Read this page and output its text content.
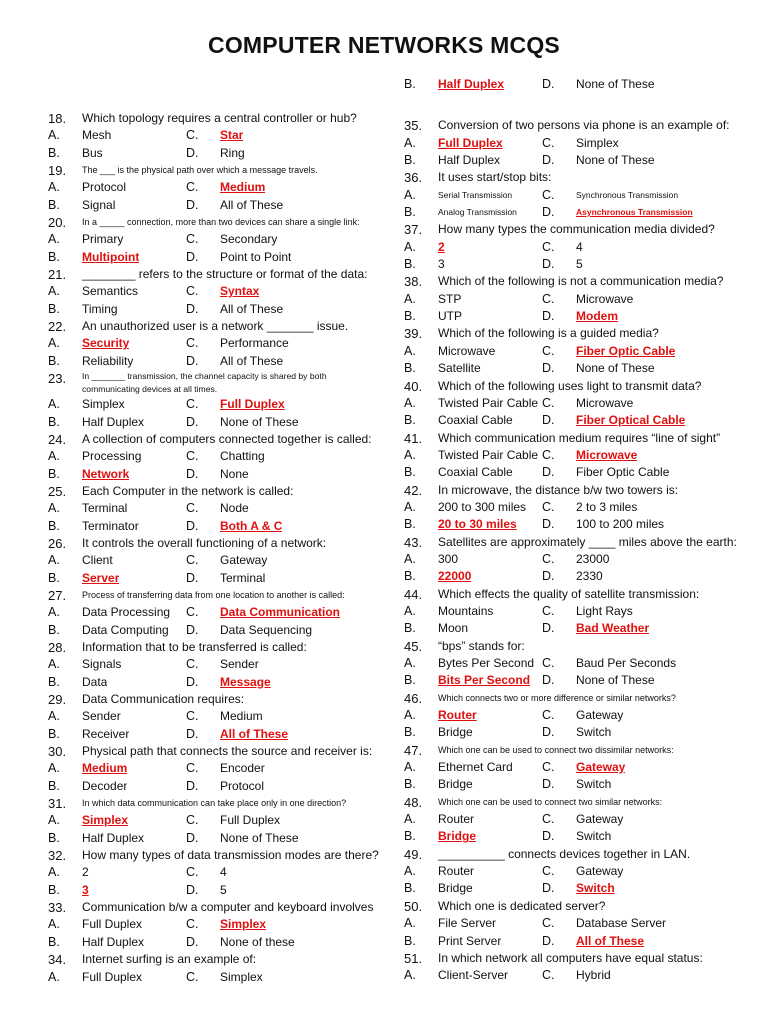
COMPUTER NETWORKS MCQS
18.	Which topology requires a central controller or hub?
A.	Mesh	C.	Star
B.	Bus	D.	Ring
19.	The ___ is the physical path over which a message travels.
A.	Protocol	C.	Medium
B.	Signal	D.	All of These
20.	In a _____ connection, more than two devices can share a single link:
A.	Primary	C.	Secondary
B.	Multipoint	D.	Point to Point
21.	________ refers to the structure or format of the data:
A.	Semantics	C.	Syntax
B.	Timing	D.	All of These
22.	An unauthorized user is a network _______ issue.
A.	Security	C.	Performance
B.	Reliability	D.	All of These
23.	In _______ transmission, the channel capacity is shared by both communicating devices at all times.
A.	Simplex	C.	Full Duplex
B.	Half Duplex	D.	None of These
24.	A collection of computers connected together is called:
A.	Processing	C.	Chatting
B.	Network	D.	None
25.	Each Computer in the network is called:
A.	Terminal	C.	Node
B.	Terminator	D.	Both A & C
26.	It controls the overall functioning of a network:
A.	Client	C.	Gateway
B.	Server	D.	Terminal
27.	Process of transferring data from one location to another is called:
A.	Data Processing C.	Data Communication
B.	Data Computing D.	Data Sequencing
28.	Information that to be transferred is called:
A.	Signals	C.	Sender
B.	Data	D.	Message
29.	Data Communication requires:
A.	Sender	C.	Medium
B.	Receiver	D.	All of These
30.	Physical path that connects the source and receiver is:
A.	Medium	C.	Encoder
B.	Decoder	D.	Protocol
31.	In which data communication can take place only in one direction?
A.	Simplex	C.	Full Duplex
B.	Half Duplex	D.	None of These
32.	How many types of data transmission modes are there?
A.	2	C.	4
B.	3	D.	5
33.	Communication b/w a computer and keyboard involves
A.	Full Duplex	C.	Simplex
B.	Half Duplex	D.	None of these
34.	Internet surfing is an example of:
A.	Full Duplex	C.	Simplex
B.	Half Duplex	D.	None of These
35.	Conversion of two persons via phone is an example of:
A.	Full Duplex	C.	Simplex
B.	Half Duplex	D.	None of These
36.	It uses start/stop bits:
A.	Serial Transmission C.	Synchronous Transmission
B.	Analog Transmission D.	Asynchronous Transmission
37.	How many types the communication media divided?
A.	2	C.	4
B.	3	D.	5
38.	Which of the following is not a communication media?
A.	STP	C.	Microwave
B.	UTP	D.	Modem
39.	Which of the following is a guided media?
A.	Microwave	C.	Fiber Optic Cable
B.	Satellite	D.	None of These
40.	Which of the following uses light to transmit data?
A.	Twisted Pair Cable C.	Microwave
B.	Coaxial Cable D.	Fiber Optical Cable
41.	Which communication medium requires “line of sight”
A.	Twisted Pair Cable C.	Microwave
B.	Coaxial Cable D.	Fiber Optic Cable
42.	In microwave, the distance b/w two towers is:
A.	200 to 300 miles C.	2 to 3 miles
B.	20 to 30 miles D.	100 to 200 miles
43.	Satellites are approximately ____ miles above the earth:
A.	300	C.	23000
B.	22000	D.	2330
44.	Which effects the quality of satellite transmission:
A.	Mountains	C.	Light Rays
B.	Moon	D.	Bad Weather
45.	“bps” stands for:
A.	Bytes Per Second C.	Baud Per Seconds
B.	Bits Per Second D.	None of These
46.	Which connects two or more difference or similar networks?
A.	Router	C.	Gateway
B.	Bridge	D.	Switch
47.	Which one can be used to connect two dissimilar networks:
A.	Ethernet Card C.	Gateway
B.	Bridge	D.	Switch
48.	Which one can be used to connect two similar networks:
A.	Router	C.	Gateway
B.	Bridge	D.	Switch
49.	__________ connects devices together in LAN.
A.	Router	C.	Gateway
B.	Bridge	D.	Switch
50.	Which one is dedicated server?
A.	File Server	C.	Database Server
B.	Print Server	D.	All of These
51.	In which network all computers have equal status:
A.	Client-Server	C.	Hybrid
